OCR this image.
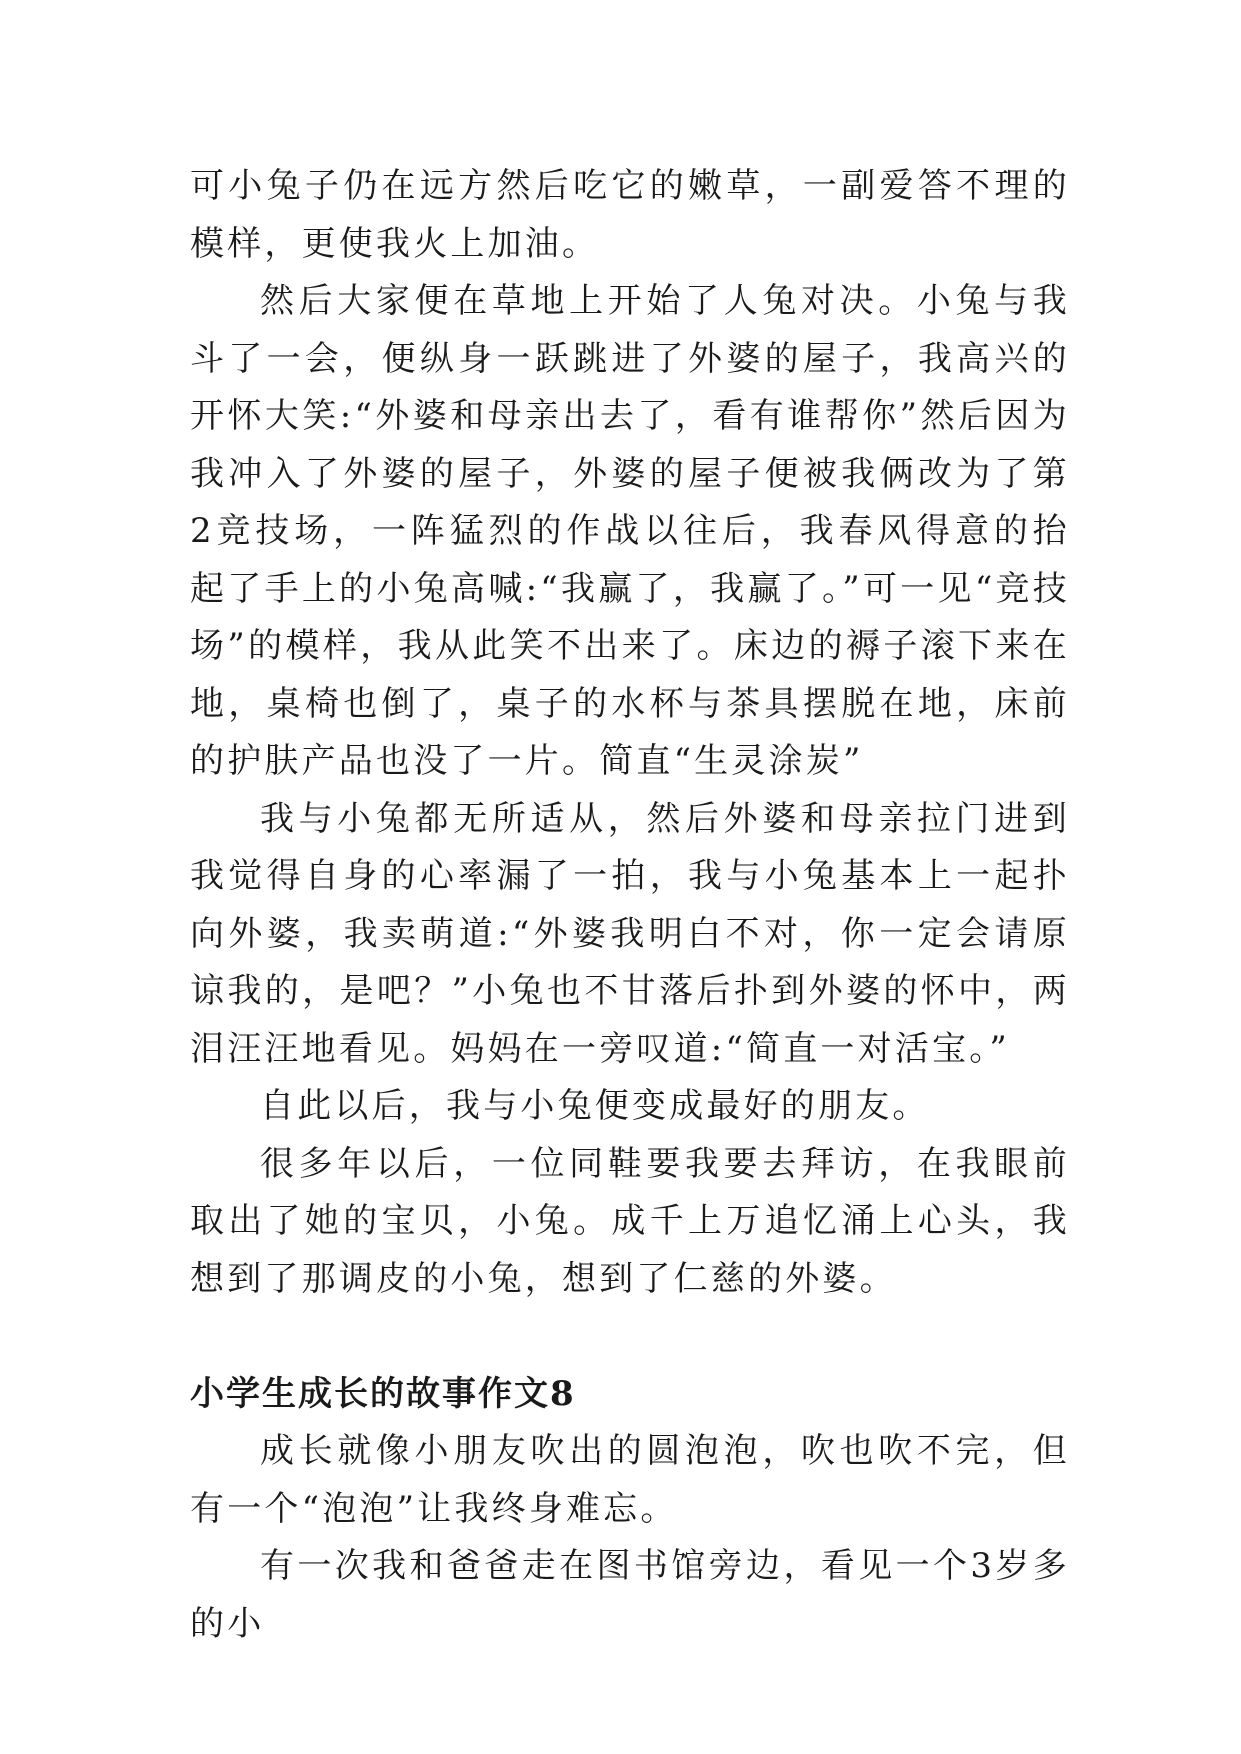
可小兔子仍在远方然后吃它的嫩草，一副爱答不理的模样，更使我火上加油。

然后大家便在草地上开始了人兔对决。小兔与我斗了一会，便纵身一跃跳进了外婆的屋子，我高兴的开怀大笑:“外婆和母亲出去了，看有谁帮你”然后因为我冲入了外婆的屋子，外婆的屋子便被我俩改为了第2竞技场，一阵猛烈的作战以往后，我春风得意的抬起了手上的小兔高喊:“我赢了，我赢了。”可一见“竞技场”的模样，我从此笑不出来了。床边的褥子滚下来在地，桌椅也倒了，桌子的水杯与茶具摆脱在地，床前的护肤产品也没了一片。简直“生灵涂炭”

我与小兔都无所适从，然后外婆和母亲拉门进到我觉得自身的心率漏了一拍，我与小兔基本上一起扑向外婆，我卖萌道:“外婆我明白不对，你一定会请原谅我的，是吧？”小兔也不甘落后扑到外婆的怀中，两泪汪汪地看见。妈妈在一旁叹道:“简直一对活宝。”

自此以后，我与小兔便变成最好的朋友。

很多年以后，一位同鞋要我要去拜访，在我眼前取出了她的宝贝，小兔。成千上万追忆涌上心头，我想到了那调皮的小兔，想到了仁慈的外婆。

小学生成长的故事作文8

成长就像小朋友吹出的圆泡泡，吹也吹不完，但有一个“泡泡”让我终身难忘。

有一次我和爸爸走在图书馆旁边，看见一个3岁多的小
